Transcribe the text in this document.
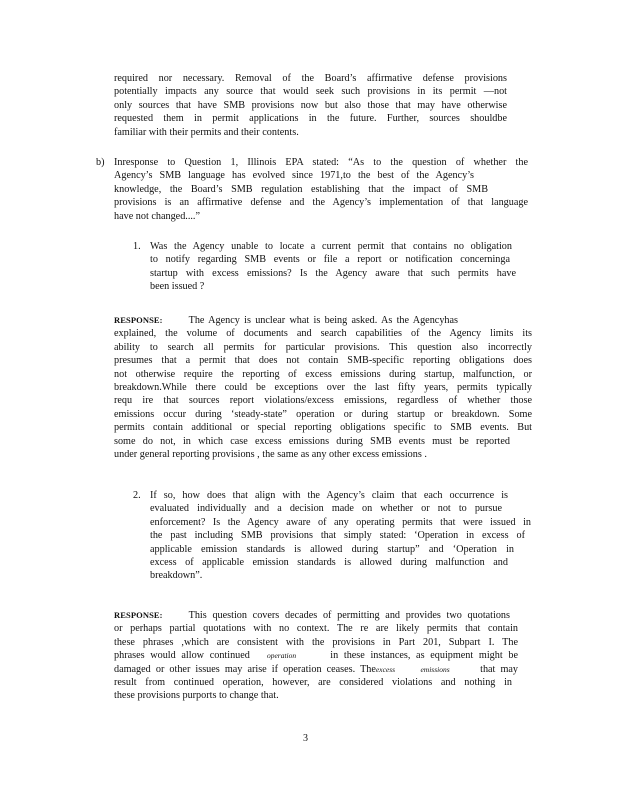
required nor necessary. Removal of the Board’s affirmative defense provisions
potentially impacts any source that would seek such provisions in its permit —not
only sources that have SMB provisions now but also those that may have otherwise
requested them in permit applications in the future. Further, sources shouldbe
familiar with their permits and their contents.
b) Inresponse to Question 1, Illinois EPA stated: “As to the question of whether the
Agency’s SMB language has evolved since 1971,to the best of the Agency’s
knowledge, the Board’s SMB regulation establishing that the impact of SMB
provisions is an affirmative defense and the Agency’s implementation of that language
have not changed....”
1. Was the Agency unable to locate a current permit that contains no obligation
to notify regarding SMB events or file a report or notification concerninga
startup with excess emissions? Is the Agency aware that such permits have
been issued ?
RESPONSE:	The Agency is unclear what is being asked. As the Agencyhas
explained, the volume of documents and search capabilities of the Agency limits its
ability to search all permits for particular provisions. This question also incorrectly
presumes that a permit that does not contain SMB-specific reporting obligations does
not otherwise require the reporting of excess emissions during startup, malfunction, or
breakdown.While there could be exceptions over the last fifty years, permits typically
requ ire that sources report violations/excess emissions, regardless of whether those
emissions occur during ‘steady-state” operation or during startup or breakdown. Some
permits contain additional or special reporting obligations specific to SMB events. But
some do not, in which case excess emissions during SMB events must be reported
under general reporting provisions , the same as any other excess emissions .
2. If so, how does that align with the Agency’s claim that each occurrence is
evaluated individually and a decision made on whether or not to pursue
enforcement? Is the Agency aware of any operating permits that were issued in
the past including SMB provisions that simply stated: ‘Operation in excess of
applicable emission standards is allowed during startup” and ‘Operation in
excess of applicable emission standards is allowed during malfunction and
breakdown”.
RESPONSE:	This question covers decades of permitting and provides two quotations
or perhaps partial quotations with no context. The re are likely permits that contain
these phrases ,which are consistent with the provisions in Part 201, Subpart I. The
phrases would allow continued operation	in these instances, as equipment might be
damaged or other issues may arise if operation ceases. Theexcess	emissions	that may
result from continued operation, however, are considered violations and nothing in
these provisions purports to change that.
3
